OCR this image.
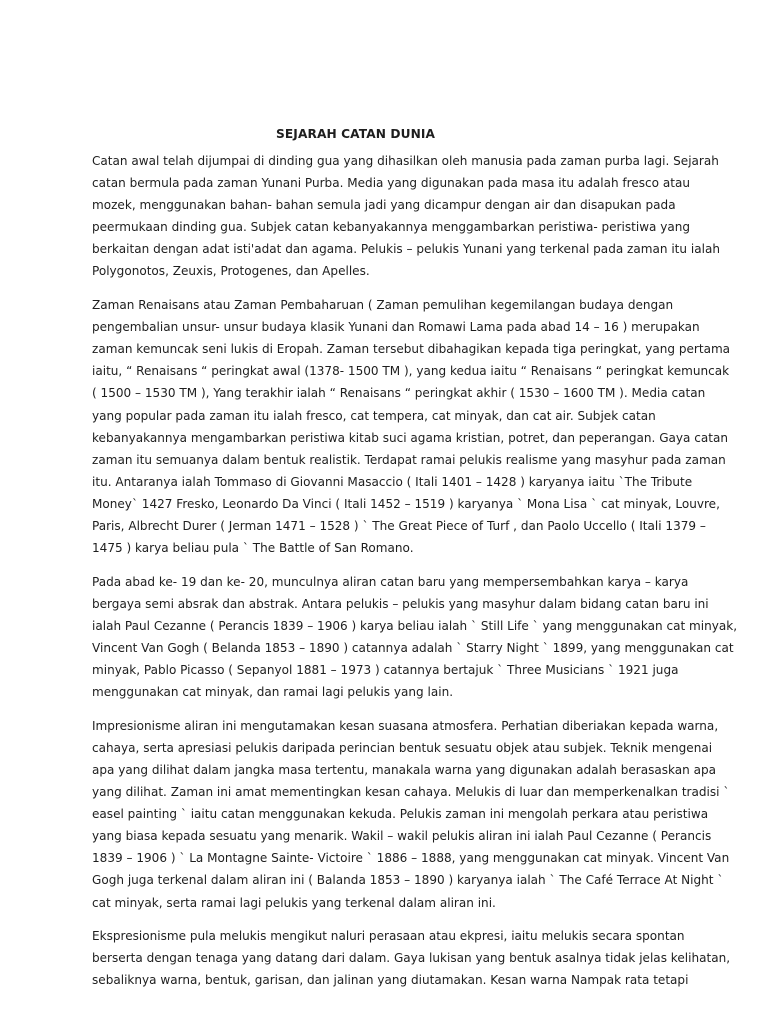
SEJARAH CATAN DUNIA

Catan awal telah dijumpai di dinding gua yang dihasilkan oleh manusia pada zaman purba lagi. Sejarah
catan bermula pada zaman Yunani Purba. Media yang digunakan pada masa itu adalah fresco atau
mozek, menggunakan bahan- bahan semula jadi yang dicampur dengan air dan disapukan pada
peermukaan dinding gua. Subjek catan kebanyakannya menggambarkan peristiwa- peristiwa yang
berkaitan dengan adat isti'adat dan agama. Pelukis – pelukis Yunani yang terkenal pada zaman itu ialah
Polygonotos, Zeuxis, Protogenes, dan Apelles.

Zaman Renaisans atau Zaman Pembaharuan ( Zaman pemulihan kegemilangan budaya dengan
pengembalian unsur- unsur budaya klasik Yunani dan Romawi Lama pada abad 14 – 16 ) merupakan
zaman kemuncak seni lukis di Eropah. Zaman tersebut dibahagikan kepada tiga peringkat, yang pertama
iaitu, “ Renaisans “ peringkat awal (1378- 1500 TM ), yang kedua iaitu “ Renaisans “ peringkat kemuncak
( 1500 – 1530 TM ), Yang terakhir ialah “ Renaisans “ peringkat akhir ( 1530 – 1600 TM ). Media catan
yang popular pada zaman itu ialah fresco, cat tempera, cat minyak, dan cat air. Subjek catan
kebanyakannya mengambarkan peristiwa kitab suci agama kristian, potret, dan peperangan. Gaya catan
zaman itu semuanya dalam bentuk realistik. Terdapat ramai pelukis realisme yang masyhur pada zaman
itu. Antaranya ialah Tommaso di Giovanni Masaccio ( Itali 1401 – 1428 ) karyanya iaitu `The Tribute
Money` 1427 Fresko, Leonardo Da Vinci ( Itali 1452 – 1519 ) karyanya ` Mona Lisa ` cat minyak, Louvre,
Paris, Albrecht Durer ( Jerman 1471 – 1528 ) ` The Great Piece of Turf , dan Paolo Uccello ( Itali 1379 –
1475 ) karya beliau pula ` The Battle of San Romano.

Pada abad ke- 19 dan ke- 20, munculnya aliran catan baru yang mempersembahkan karya – karya
bergaya semi absrak dan abstrak. Antara pelukis – pelukis yang masyhur dalam bidang catan baru ini
ialah Paul Cezanne ( Perancis 1839 – 1906 ) karya beliau ialah ` Still Life ` yang menggunakan cat minyak,
Vincent Van Gogh ( Belanda 1853 – 1890 ) catannya adalah ` Starry Night ` 1899, yang menggunakan cat
minyak, Pablo Picasso ( Sepanyol 1881 – 1973 ) catannya bertajuk ` Three Musicians ` 1921 juga
menggunakan cat minyak, dan ramai lagi pelukis yang lain.

Impresionisme aliran ini mengutamakan kesan suasana atmosfera. Perhatian diberiakan kepada warna,
cahaya, serta apresiasi pelukis daripada perincian bentuk sesuatu objek atau subjek. Teknik mengenai
apa yang dilihat dalam jangka masa tertentu, manakala warna yang digunakan adalah berasaskan apa
yang dilihat. Zaman ini amat mementingkan kesan cahaya. Melukis di luar dan memperkenalkan tradisi `
easel painting ` iaitu catan menggunakan kekuda. Pelukis zaman ini mengolah perkara atau peristiwa
yang biasa kepada sesuatu yang menarik. Wakil – wakil pelukis aliran ini ialah Paul Cezanne ( Perancis
1839 – 1906 ) ` La Montagne Sainte- Victoire ` 1886 – 1888, yang menggunakan cat minyak. Vincent Van
Gogh juga terkenal dalam aliran ini ( Balanda 1853 – 1890 ) karyanya ialah ` The Café Terrace At Night `
cat minyak, serta ramai lagi pelukis yang terkenal dalam aliran ini.

Ekspresionisme pula melukis mengikut naluri perasaan atau ekpresi, iaitu melukis secara spontan
berserta dengan tenaga yang datang dari dalam. Gaya lukisan yang bentuk asalnya tidak jelas kelihatan,
sebaliknya warna, bentuk, garisan, dan jalinan yang diutamakan. Kesan warna Nampak rata tetapi
